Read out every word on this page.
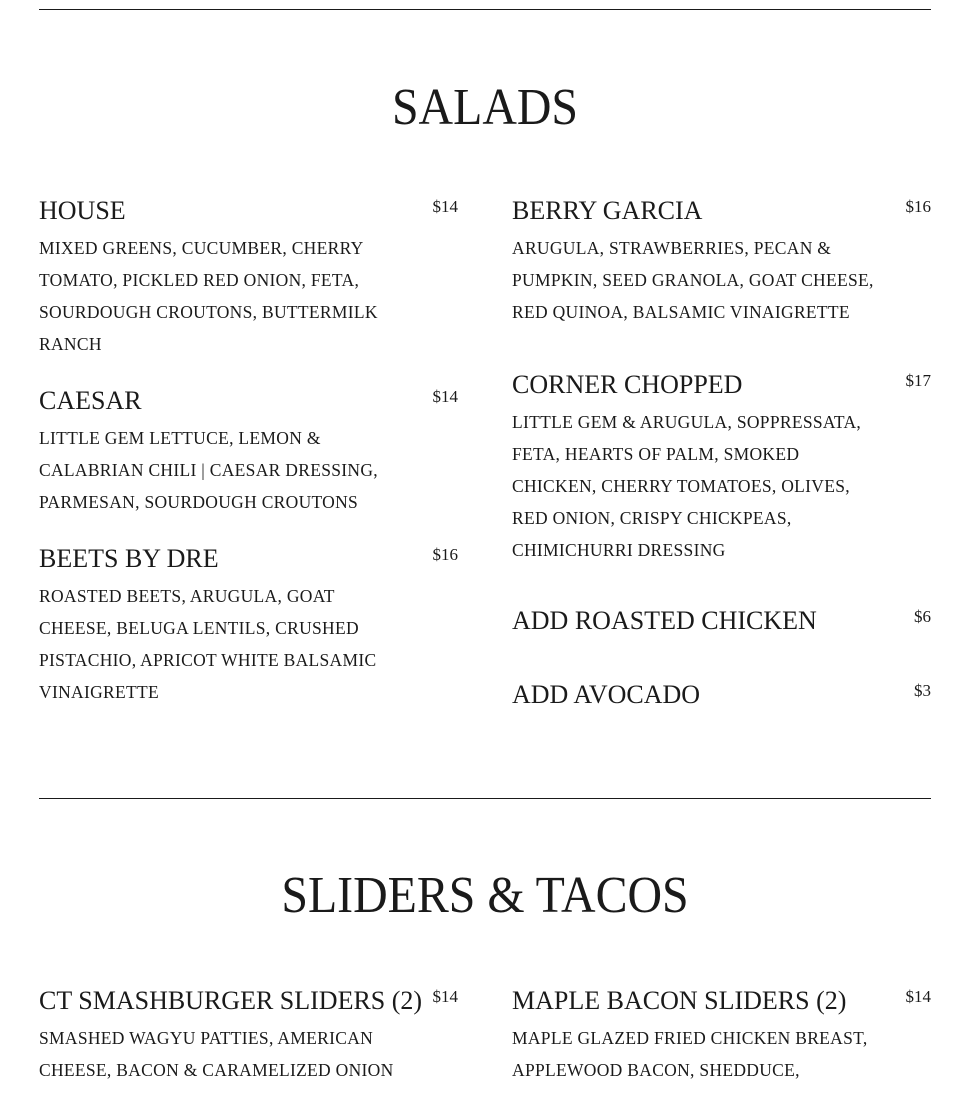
SALADS
HOUSE	$14
MIXED GREENS, CUCUMBER, CHERRY TOMATO, PICKLED RED ONION, FETA, SOURDOUGH CROUTONS, BUTTERMILK RANCH
CAESAR	$14
LITTLE GEM LETTUCE, LEMON & CALABRIAN CHILI | CAESAR DRESSING, PARMESAN, SOURDOUGH CROUTONS
BEETS BY DRE	$16
ROASTED BEETS, ARUGULA, GOAT CHEESE, BELUGA LENTILS, CRUSHED PISTACHIO, APRICOT WHITE BALSAMIC VINAIGRETTE
BERRY GARCIA	$16
ARUGULA, STRAWBERRIES, PECAN & PUMPKIN, SEED GRANOLA, GOAT CHEESE, RED QUINOA, BALSAMIC VINAIGRETTE
CORNER CHOPPED	$17
LITTLE GEM & ARUGULA, SOPPRESSATA, FETA, HEARTS OF PALM, SMOKED CHICKEN, CHERRY TOMATOES, OLIVES, RED ONION, CRISPY CHICKPEAS, CHIMICHURRI DRESSING
ADD ROASTED CHICKEN	$6
ADD AVOCADO	$3
SLIDERS & TACOS
CT SMASHBURGER SLIDERS (2) $14
SMASHED WAGYU PATTIES, AMERICAN CHEESE, BACON & CARAMELIZED ONION
MAPLE BACON SLIDERS (2)	$14
MAPLE GLAZED FRIED CHICKEN BREAST, APPLEWOOD BACON, SHEDDUCE,
